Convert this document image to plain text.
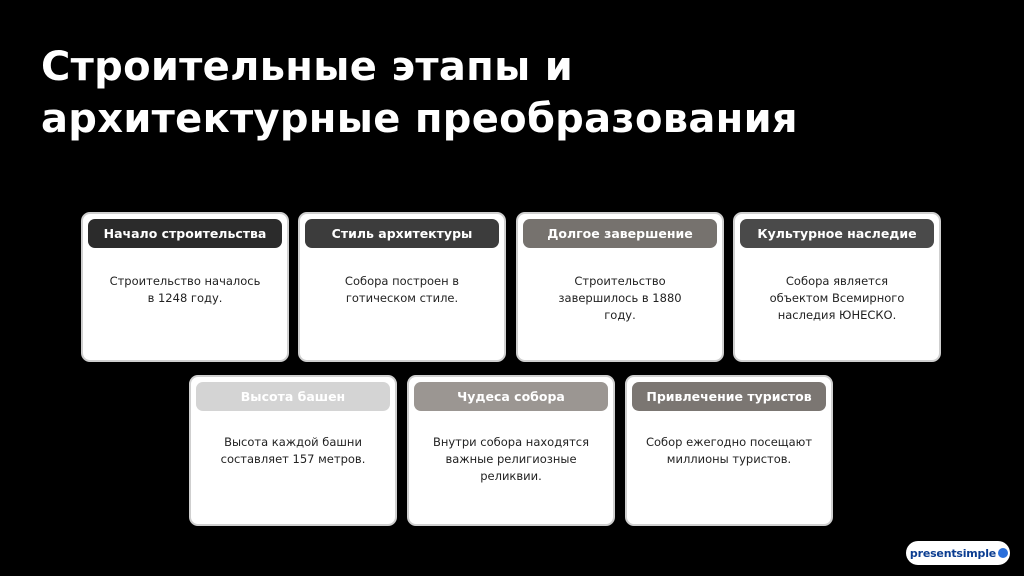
Строительные этапы и
архитектурные преобразования
Начало строительства
Строительство началось
в 1248 году.
Стиль архитектуры
Собора построен в
готическом стиле.
Долгое завершение
Строительство
завершилось в 1880
году.
Культурное наследие
Собора является
объектом Всемирного
наследия ЮНЕСКО.
Высота башен
Высота каждой башни
составляет 157 метров.
Чудеса собора
Внутри собора находятся
важные религиозные
реликвии.
Привлечение туристов
Собор ежегодно посещают
миллионы туристов.
presentsimple
